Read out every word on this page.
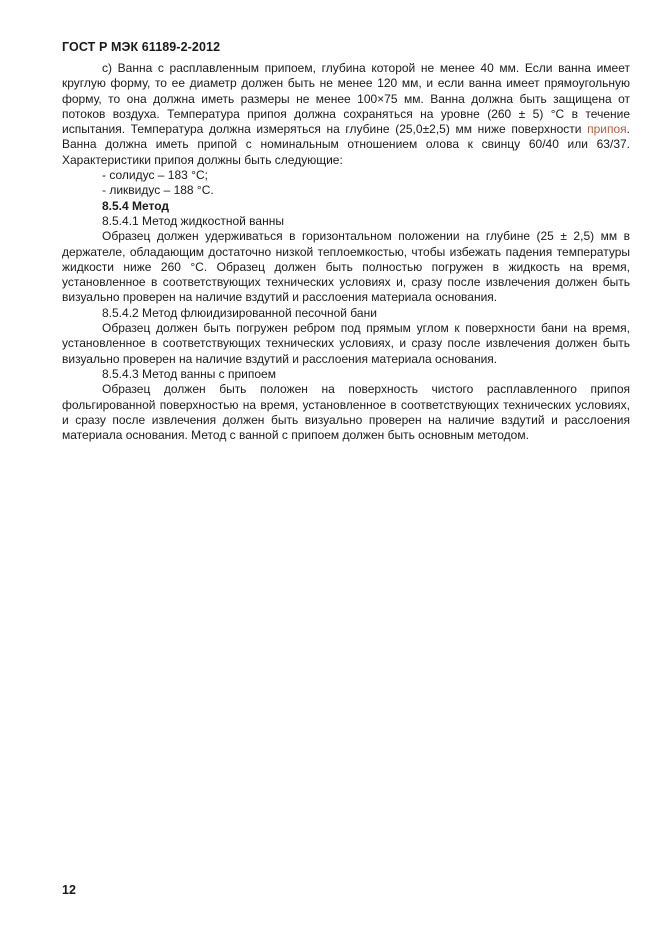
ГОСТ Р МЭК 61189-2-2012

с) Ванна с расплавленным припоем, глубина которой не менее 40 мм. Если ванна имеет круглую форму, то ее диаметр должен быть не менее 120 мм, и если ванна имеет прямоугольную форму, то она должна иметь размеры не менее 100×75 мм. Ванна должна быть защищена от потоков воздуха. Температура припоя должна сохраняться на уровне (260 ± 5) °С в течение испытания. Температура должна измеряться на глубине (25,0±2,5) мм ниже поверхности припоя. Ванна должна иметь припой с номинальным отношением олова к свинцу 60/40 или 63/37. Характеристики припоя должны быть следующие:

- солидус – 183 °С;

- ликвидус – 188 °С.

8.5.4 Метод

8.5.4.1 Метод жидкостной ванны

Образец должен удерживаться в горизонтальном положении на глубине (25 ± 2,5) мм в держателе, обладающим достаточно низкой теплоемкостью, чтобы избежать падения температуры жидкости ниже 260 °С. Образец должен быть полностью погружен в жидкость на время, установленное в соответствующих технических условиях и, сразу после извлечения должен быть визуально проверен на наличие вздутий и расслоения материала основания.

8.5.4.2 Метод флюидизированной песочной бани

Образец должен быть погружен ребром под прямым углом к поверхности бани на время, установленное в соответствующих технических условиях, и сразу после извлечения должен быть визуально проверен на наличие вздутий и расслоения материала основания.

8.5.4.3 Метод ванны с припоем

Образец должен быть положен на поверхность чистого расплавленного припоя фольгированной поверхностью на время, установленное в соответствующих технических условиях, и сразу после извлечения должен быть визуально проверен на наличие вздутий и расслоения материала основания. Метод с ванной с припоем должен быть основным методом.

12
